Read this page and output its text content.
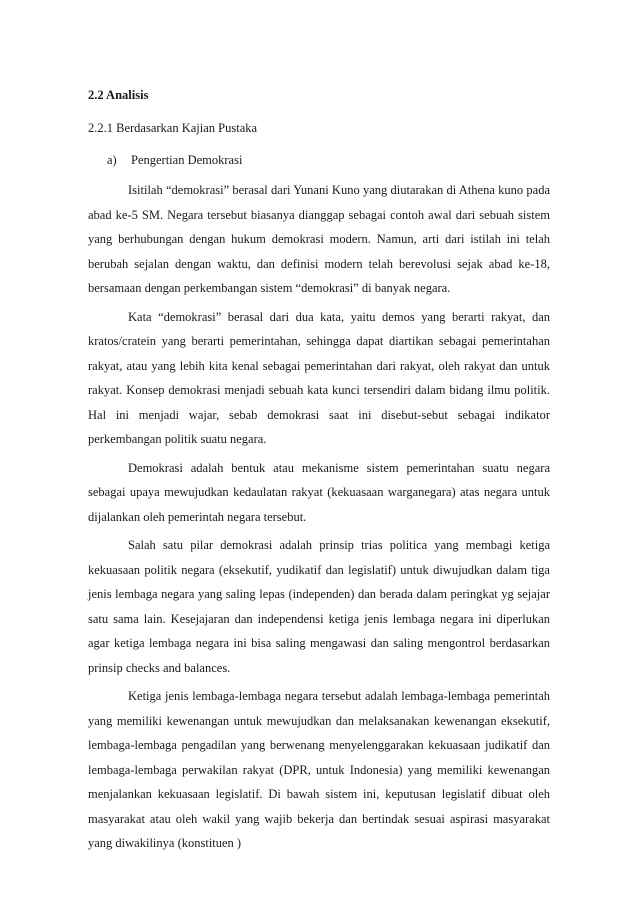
2.2 Analisis

2.2.1 Berdasarkan Kajian Pustaka

a) Pengertian Demokrasi

Isitilah “demokrasi” berasal dari Yunani Kuno yang diutarakan di Athena kuno pada abad ke-5 SM. Negara tersebut biasanya dianggap sebagai contoh awal dari sebuah sistem yang berhubungan dengan hukum demokrasi modern. Namun, arti dari istilah ini telah berubah sejalan dengan waktu, dan definisi modern telah berevolusi sejak abad ke-18, bersamaan dengan perkembangan sistem “demokrasi” di banyak negara.

Kata “demokrasi” berasal dari dua kata, yaitu demos yang berarti rakyat, dan kratos/cratein yang berarti pemerintahan, sehingga dapat diartikan sebagai pemerintahan rakyat, atau yang lebih kita kenal sebagai pemerintahan dari rakyat, oleh rakyat dan untuk rakyat. Konsep demokrasi menjadi sebuah kata kunci tersendiri dalam bidang ilmu politik. Hal ini menjadi wajar, sebab demokrasi saat ini disebut-sebut sebagai indikator perkembangan politik suatu negara.

Demokrasi adalah bentuk atau mekanisme sistem pemerintahan suatu negara sebagai upaya mewujudkan kedaulatan rakyat (kekuasaan warganegara) atas negara untuk dijalankan oleh pemerintah negara tersebut.

Salah satu pilar demokrasi adalah prinsip trias politica yang membagi ketiga kekuasaan politik negara (eksekutif, yudikatif dan legislatif) untuk diwujudkan dalam tiga jenis lembaga negara yang saling lepas (independen) dan berada dalam peringkat yg sejajar satu sama lain. Kesejajaran dan independensi ketiga jenis lembaga negara ini diperlukan agar ketiga lembaga negara ini bisa saling mengawasi dan saling mengontrol berdasarkan prinsip checks and balances.

Ketiga jenis lembaga-lembaga negara tersebut adalah lembaga-lembaga pemerintah yang memiliki kewenangan untuk mewujudkan dan melaksanakan kewenangan eksekutif, lembaga-lembaga pengadilan yang berwenang menyelenggarakan kekuasaan judikatif dan lembaga-lembaga perwakilan rakyat (DPR, untuk Indonesia) yang memiliki kewenangan menjalankan kekuasaan legislatif. Di bawah sistem ini, keputusan legislatif dibuat oleh masyarakat atau oleh wakil yang wajib bekerja dan bertindak sesuai aspirasi masyarakat yang diwakilinya (konstituen )
